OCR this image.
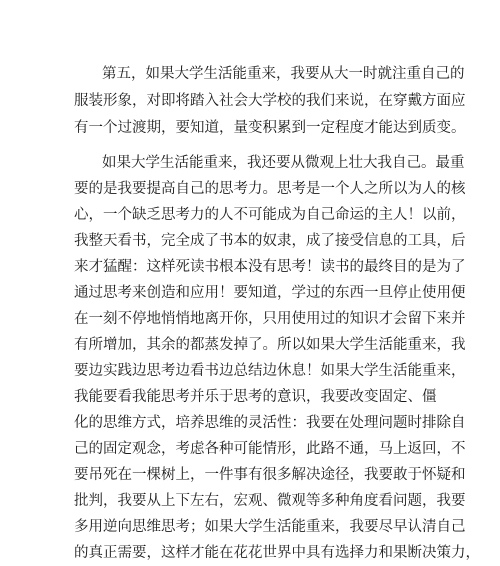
第五，如果大学生活能重来，我要从大一时就注重自己的
服装形象，对即将踏入社会大学校的我们来说，在穿戴方面应
有一个过渡期，要知道，量变积累到一定程度才能达到质变。
如果大学生活能重来，我还要从微观上壮大我自己。最重
要的是我要提高自己的思考力。思考是一个人之所以为人的核
心，一个缺乏思考力的人不可能成为自己命运的主人！以前，
我整天看书，完全成了书本的奴隶，成了接受信息的工具，后
来才猛醒：这样死读书根本没有思考！读书的最终目的是为了
通过思考来创造和应用！要知道，学过的东西一旦停止使用便
在一刻不停地悄悄地离开你，只用使用过的知识才会留下来并
有所增加，其余的都蒸发掉了。所以如果大学生活能重来，我
要边实践边思考边看书边总结边休息！如果大学生活能重来，
我能要看我能思考并乐于思考的意识，我要改变固定、僵
化的思维方式，培养思维的灵活性：我要在处理问题时排除自
己的固定观念，考虑各种可能情形，此路不通，马上返回，不
要吊死在一棵树上，一件事有很多解决途径，我要敢于怀疑和
批判，我要从上下左右，宏观、微观等多种角度看问题，我要
多用逆向思维思考；如果大学生活能重来，我要尽早认清自己
的真正需要，这样才能在花花世界中具有选择力和果断决策力，
